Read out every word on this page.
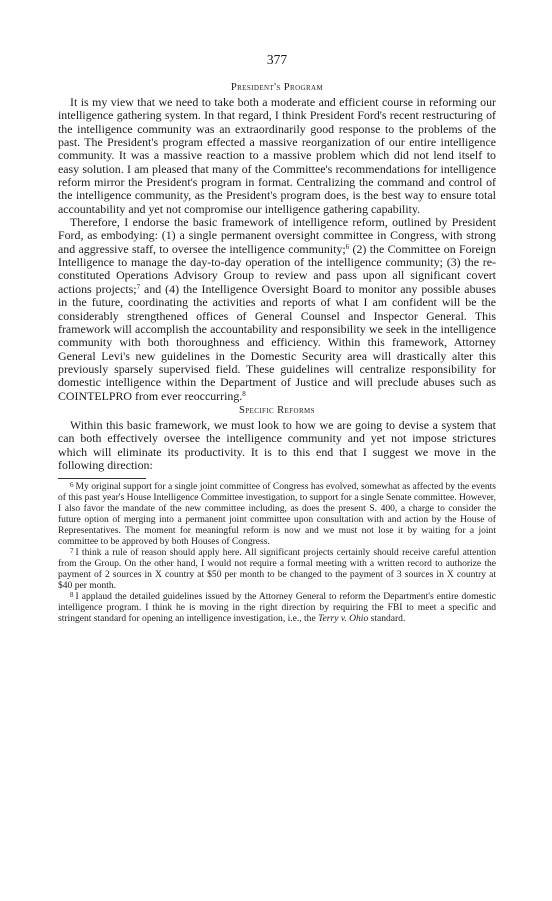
377
President's Program

It is my view that we need to take both a moderate and efficient course in reforming our intelligence gathering system. In that regard, I think President Ford's recent restructuring of the intelligence community was an extraordinarily good response to the problems of the past. The President's program effected a massive reorganization of our entire intelligence community. It was a massive reaction to a massive problem which did not lend itself to easy solution. I am pleased that many of the Committee's recommendations for intelligence reform mirror the President's program in format. Centralizing the command and control of the intelligence community, as the President's program does, is the best way to ensure total accountability and yet not compromise our intelligence gathering capability.

Therefore, I endorse the basic framework of intelligence reform, outlined by President Ford, as embodying: (1) a single permanent oversight committee in Congress, with strong and aggressive staff, to oversee the intelligence community;$^6$ (2) the Committee on Foreign Intelligence to manage the day-to-day operation of the intelligence community; (3) the re-constituted Operations Advisory Group to review and pass upon all significant covert actions projects;$^7$ and (4) the Intelligence Oversight Board to monitor any possible abuses in the future, coordinating the activities and reports of what I am confident will be the considerably strengthened offices of General Counsel and Inspector General. This framework will accomplish the accountability and responsibility we seek in the intelligence community with both thoroughness and efficiency. Within this framework, Attorney General Levi's new guidelines in the Domestic Security area will drastically alter this previously sparsely supervised field. These guidelines will centralize responsibility for domestic intelligence within the Department of Justice and will preclude abuses such as COINTELPRO from ever reoccurring.$^8$

Specific Reforms

Within this basic framework, we must look to how we are going to devise a system that can both effectively oversee the intelligence community and yet not impose strictures which will eliminate its productivity. It is to this end that I suggest we move in the following direction:

$^6$ My original support for a single joint committee of Congress has evolved, somewhat as affected by the events of this past year's House Intelligence Committee investigation, to support for a single Senate committee. However, I also favor the mandate of the new committee including, as does the present S. 400, a charge to consider the future option of merging into a permanent joint committee upon consultation with and action by the House of Representatives. The moment for meaningful reform is now and we must not lose it by waiting for a joint committee to be approved by both Houses of Congress.

$^7$ I think a rule of reason should apply here. All significant projects certainly should receive careful attention from the Group. On the other hand, I would not require a formal meeting with a written record to authorize the payment of 2 sources in X country at $50 per month to be changed to the payment of 3 sources in X country at $40 per month.

$^8$ I applaud the detailed guidelines issued by the Attorney General to reform the Department's entire domestic intelligence program. I think he is moving in the right direction by requiring the FBI to meet a specific and stringent standard for opening an intelligence investigation, i.e., the Terry v. Ohio standard.
